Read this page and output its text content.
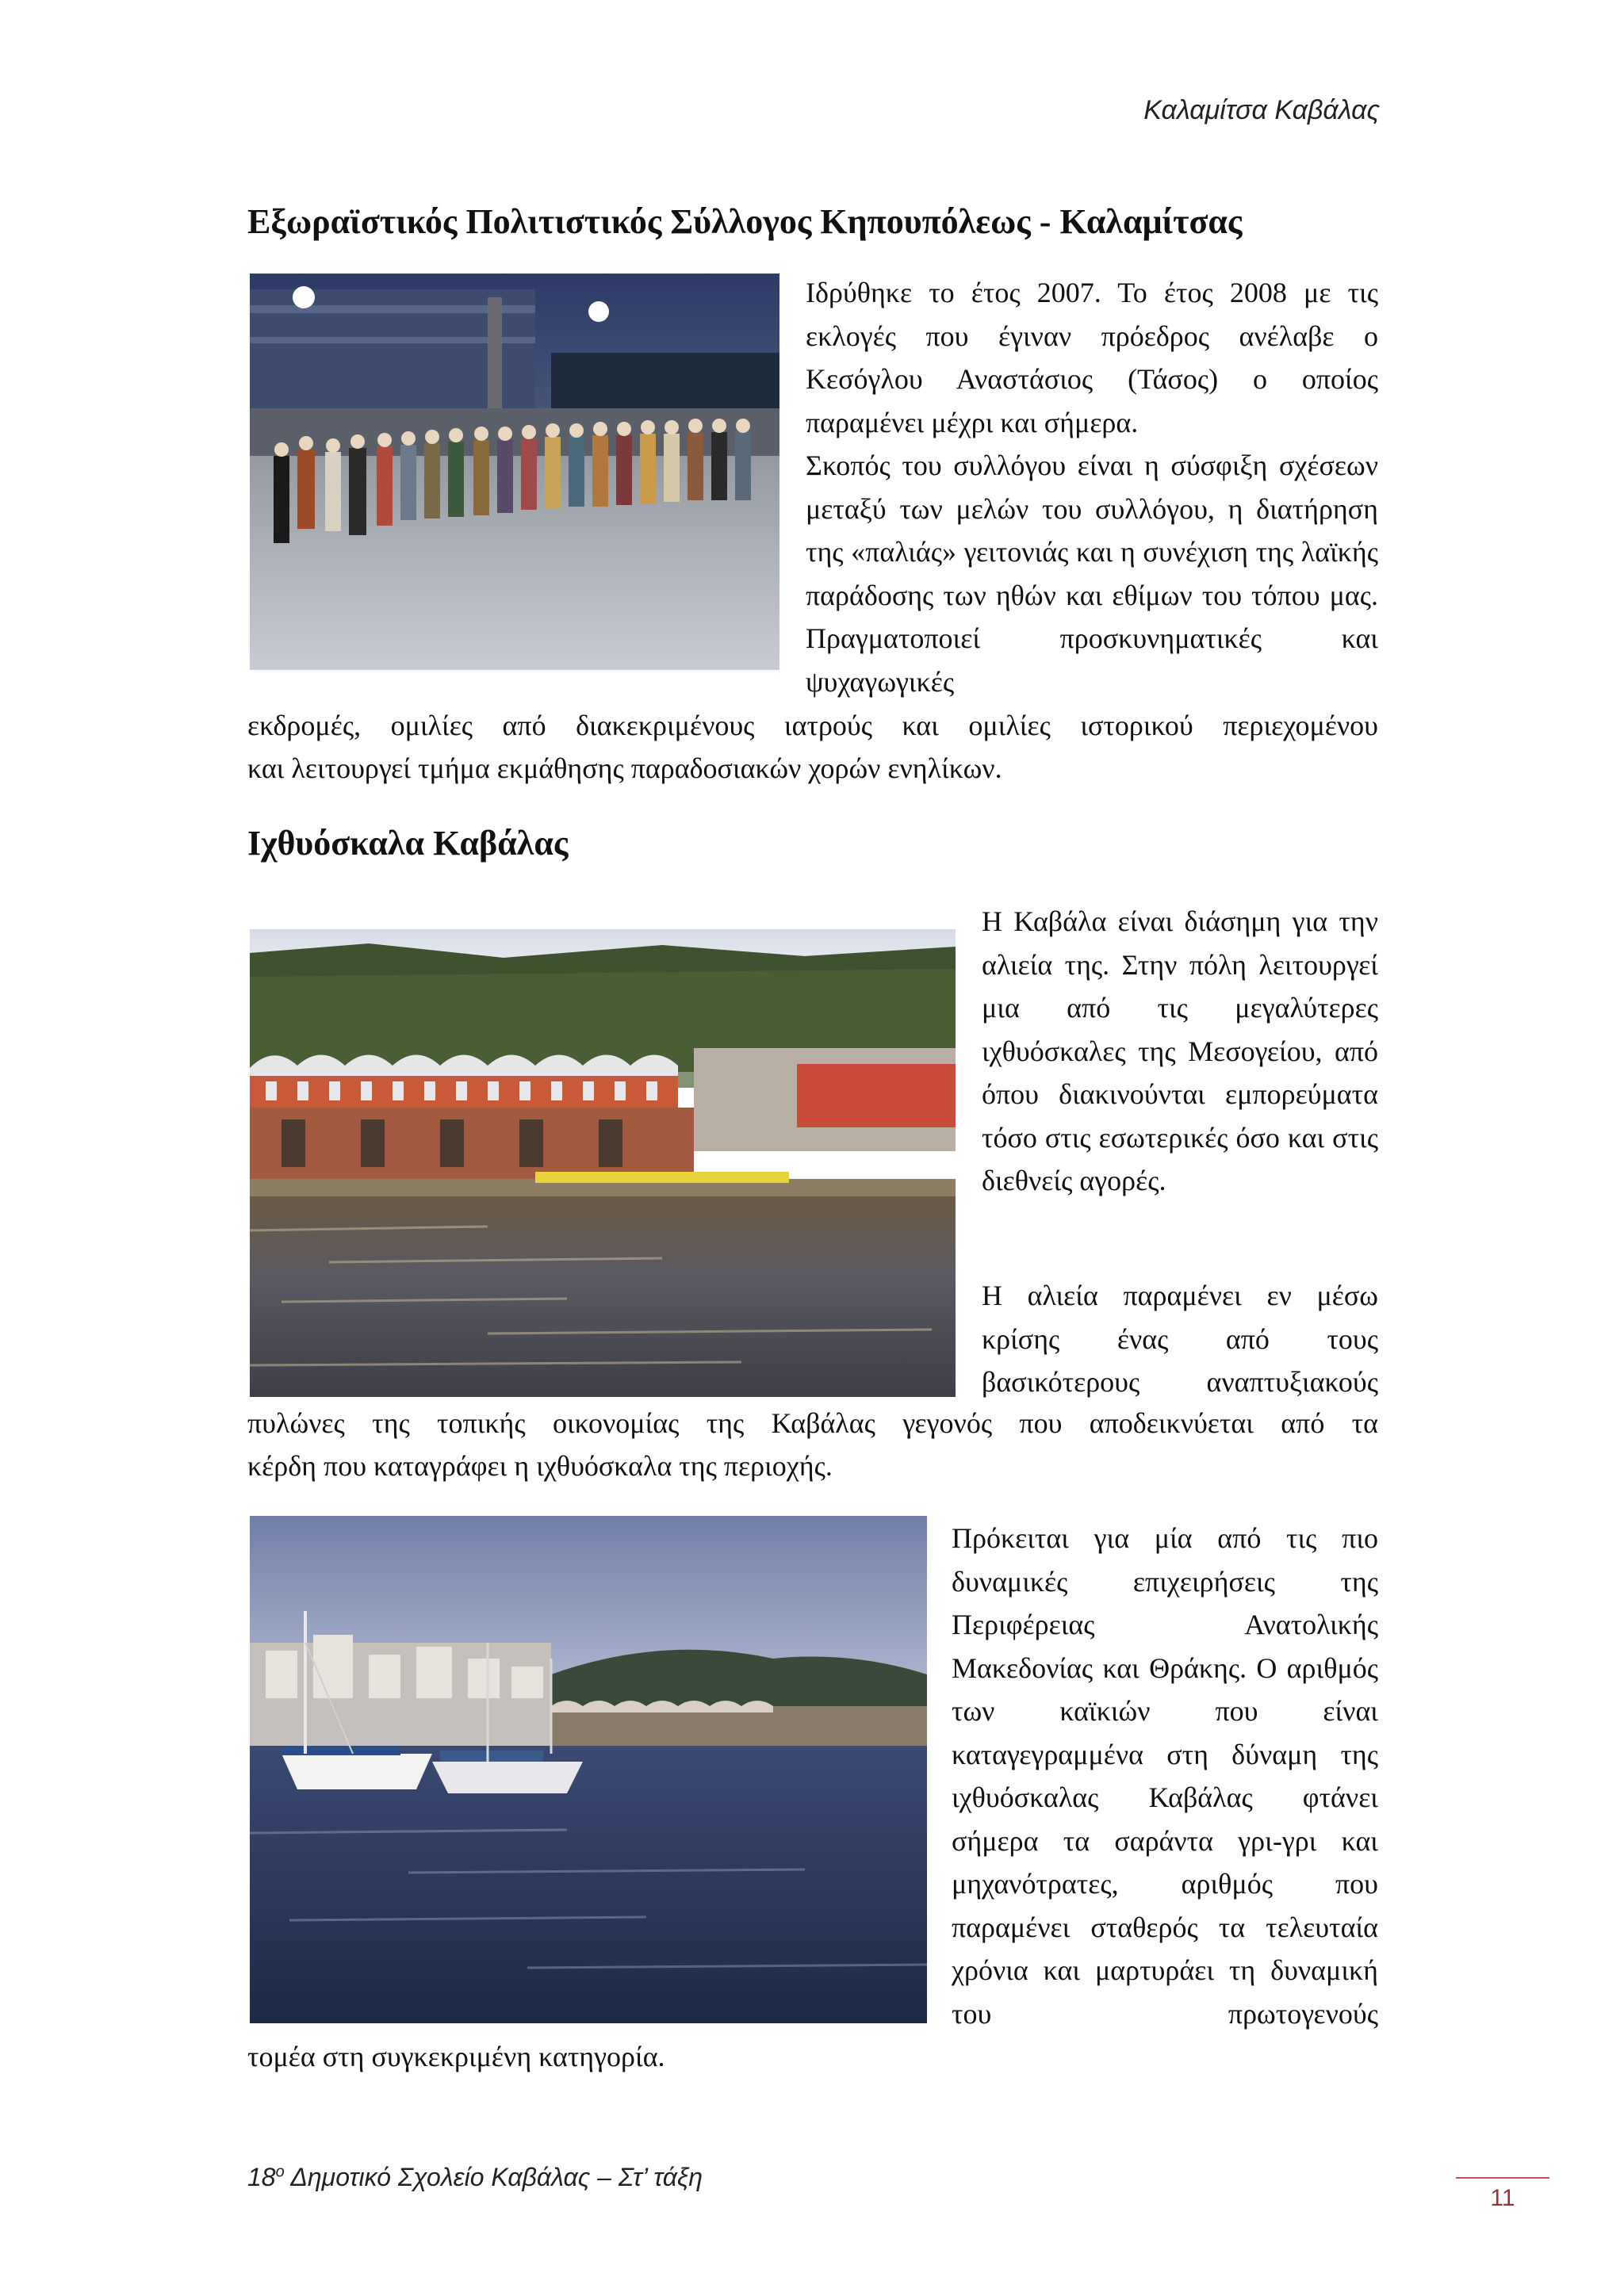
Καλαμίτσα Καβάλας
Εξωραϊστικός Πολιτιστικός Σύλλογος Κηπουπόλεως - Καλαμίτσας

Ιδρύθηκε το έτος 2007. Το έτος 2008 με τις εκλογές που έγιναν πρόεδρος ανέλαβε ο Κεσόγλου Αναστάσιος (Τάσος) ο οποίος παραμένει μέχρι και σήμερα.

Σκοπός του συλλόγου είναι η σύσφιξη σχέσεων μεταξύ των μελών του συλλόγου, η διατήρηση της «παλιάς» γειτονιάς και η συνέχιση της λαϊκής παράδοσης των ηθών και εθίμων του τόπου μας. Πραγματοποιεί προσκυνηματικές και ψυχαγωγικές

εκδρομές, ομιλίες από διακεκριμένους ιατρούς και ομιλίες ιστορικού περιεχομένου
και λειτουργεί τμήμα εκμάθησης παραδοσιακών χορών ενηλίκων.
Ιχθυόσκαλα Καβάλας
Η Καβάλα είναι διάσημη για την αλιεία της. Στην πόλη λειτουργεί μια από τις μεγαλύτερες ιχθυόσκαλες της Μεσογείου, από όπου διακινούνται εμπορεύματα τόσο στις εσωτερικές όσο και στις διεθνείς αγορές.
Η αλιεία παραμένει εν μέσω κρίσης ένας από τους βασικότερους αναπτυξιακούς
πυλώνες της τοπικής οικονομίας της Καβάλας γεγονός που αποδεικνύεται από τα
κέρδη που καταγράφει η ιχθυόσκαλα της περιοχής.
Πρόκειται για μία από τις πιο δυναμικές επιχειρήσεις της Περιφέρειας Ανατολικής Μακεδονίας και Θράκης. Ο αριθμός των καϊκιών που είναι καταγεγραμμένα στη δύναμη της ιχθυόσκαλας Καβάλας φτάνει σήμερα τα σαράντα γρι-γρι και μηχανότρατες, αριθμός που παραμένει σταθερός τα τελευταία χρόνια και μαρτυράει τη δυναμική του πρωτογενούς
τομέα στη συγκεκριμένη κατηγορία.
$18^o$ Δημοτικό Σχολείο Καβάλας – Στ’ τάξη
11
